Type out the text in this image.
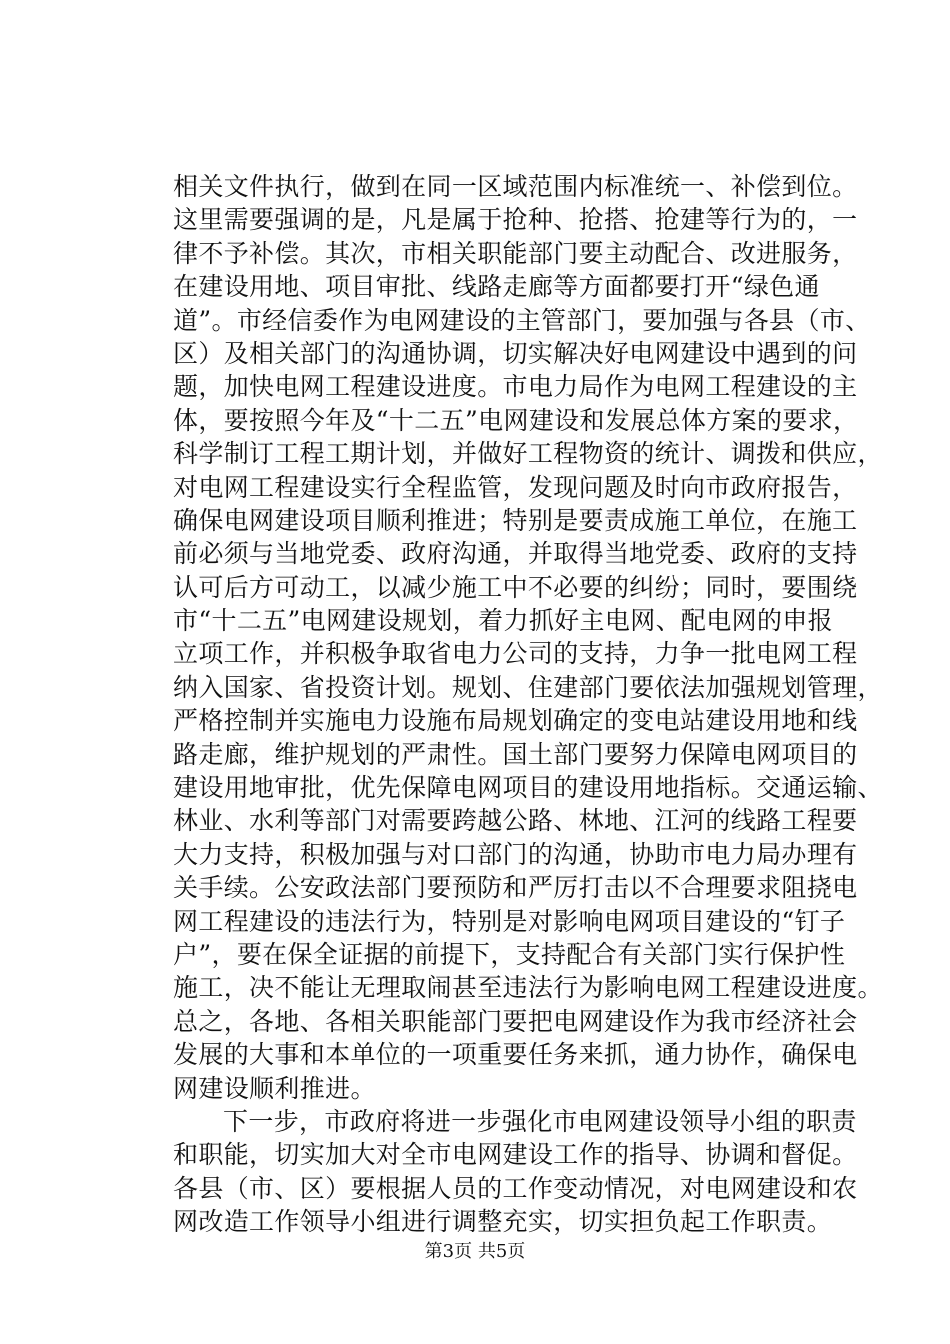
相关文件执行，做到在同一区域范围内标准统一、补偿到位。
这里需要强调的是，凡是属于抢种、抢搭、抢建等行为的，一
律不予补偿。其次，市相关职能部门要主动配合、改进服务，
在建设用地、项目审批、线路走廊等方面都要打开“绿色通
道”。市经信委作为电网建设的主管部门，要加强与各县（市、
区）及相关部门的沟通协调，切实解决好电网建设中遇到的问
题，加快电网工程建设进度。市电力局作为电网工程建设的主
体，要按照今年及“十二五”电网建设和发展总体方案的要求，
科学制订工程工期计划，并做好工程物资的统计、调拨和供应，
对电网工程建设实行全程监管，发现问题及时向市政府报告，
确保电网建设项目顺利推进；特别是要责成施工单位，在施工
前必须与当地党委、政府沟通，并取得当地党委、政府的支持
认可后方可动工，以减少施工中不必要的纠纷；同时，要围绕
市“十二五”电网建设规划，着力抓好主电网、配电网的申报
立项工作，并积极争取省电力公司的支持，力争一批电网工程
纳入国家、省投资计划。规划、住建部门要依法加强规划管理，
严格控制并实施电力设施布局规划确定的变电站建设用地和线
路走廊，维护规划的严肃性。国土部门要努力保障电网项目的
建设用地审批，优先保障电网项目的建设用地指标。交通运输、
林业、水利等部门对需要跨越公路、林地、江河的线路工程要
大力支持，积极加强与对口部门的沟通，协助市电力局办理有
关手续。公安政法部门要预防和严厉打击以不合理要求阻挠电
网工程建设的违法行为，特别是对影响电网项目建设的“钉子
户”，要在保全证据的前提下，支持配合有关部门实行保护性
施工，决不能让无理取闹甚至违法行为影响电网工程建设进度。
总之，各地、各相关职能部门要把电网建设作为我市经济社会
发展的大事和本单位的一项重要任务来抓，通力协作，确保电
网建设顺利推进。
下一步，市政府将进一步强化市电网建设领导小组的职责
和职能，切实加大对全市电网建设工作的指导、协调和督促。
各县（市、区）要根据人员的工作变动情况，对电网建设和农
网改造工作领导小组进行调整充实，切实担负起工作职责。
第3页 共5页
